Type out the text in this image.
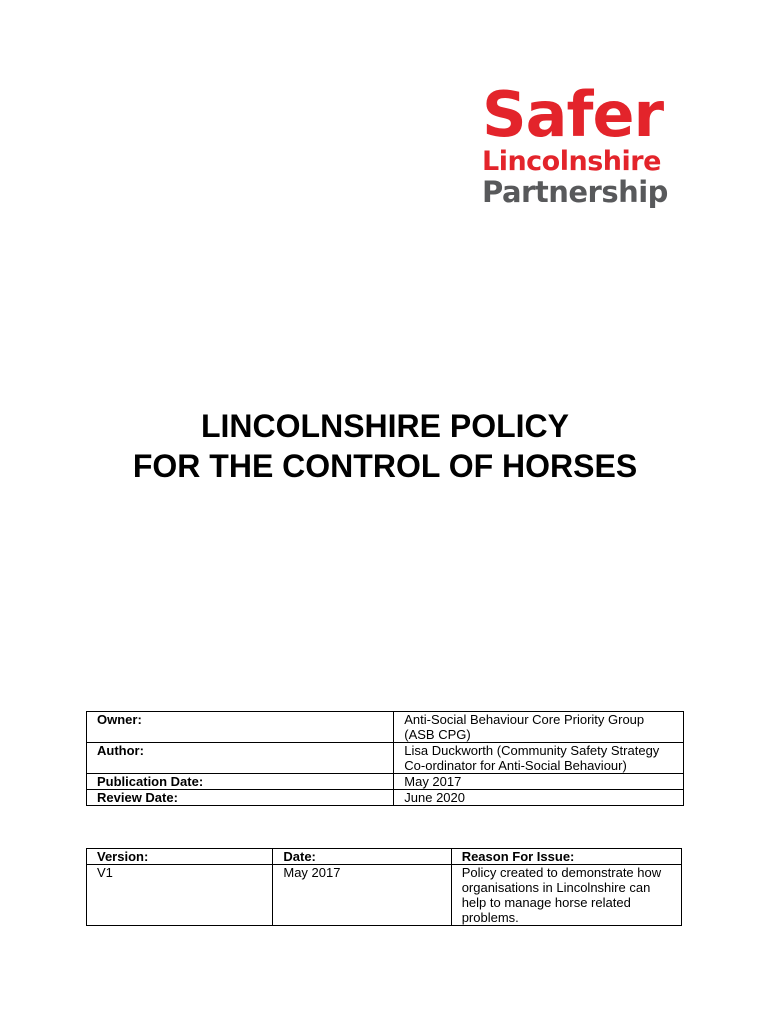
Safer
Lincolnshire
Partnership
LINCOLNSHIRE POLICY
FOR THE CONTROL OF HORSES
Owner:	Anti-Social Behaviour Core Priority Group (ASB CPG)
Author:	Lisa Duckworth (Community Safety Strategy Co-ordinator for Anti-Social Behaviour)
Publication Date:	May 2017
Review Date:	June 2020
Version:	Date:	Reason For Issue:
V1	May 2017	Policy created to demonstrate how organisations in Lincolnshire can help to manage horse related problems.
